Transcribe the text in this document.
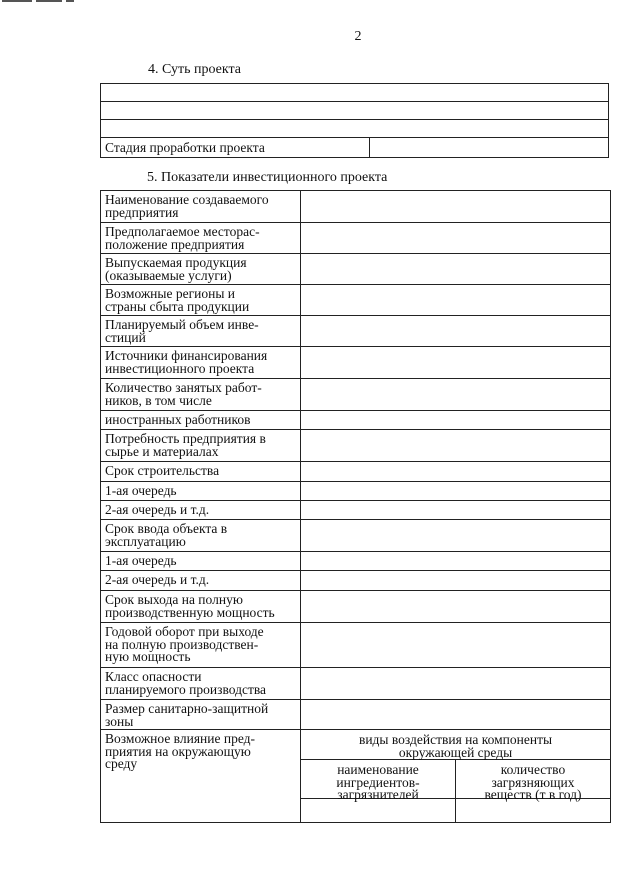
2
4. Суть проекта
Стадия проработки проекта
5. Показатели инвестиционного проекта
Наименование создаваемого
предприятия
Предполагаемое месторас-
положение предприятия
Выпускаемая продукция
(оказываемые услуги)
Возможные регионы и
страны сбыта продукции
Планируемый объем инве-
стиций
Источники финансирования
инвестиционного проекта
Количество занятых работ-
ников, в том числе
иностранных работников
Потребность предприятия в
сырье и материалах
Срок строительства
1-ая очередь
2-ая очередь и т.д.
Срок ввода объекта в
эксплуатацию
1-ая очередь
2-ая очередь и т.д.
Срок выхода на полную
производственную мощность
Годовой оборот при выходе
на полную производствен-
ную мощность
Класс опасности
планируемого производства
Размер санитарно-защитной
зоны
Возможное влияние пред-
приятия на окружающую
среду
виды воздействия на компоненты
окружающей среды
наименование
ингредиентов-
загрязнителей
количество
загрязняющих
веществ (т в год)
